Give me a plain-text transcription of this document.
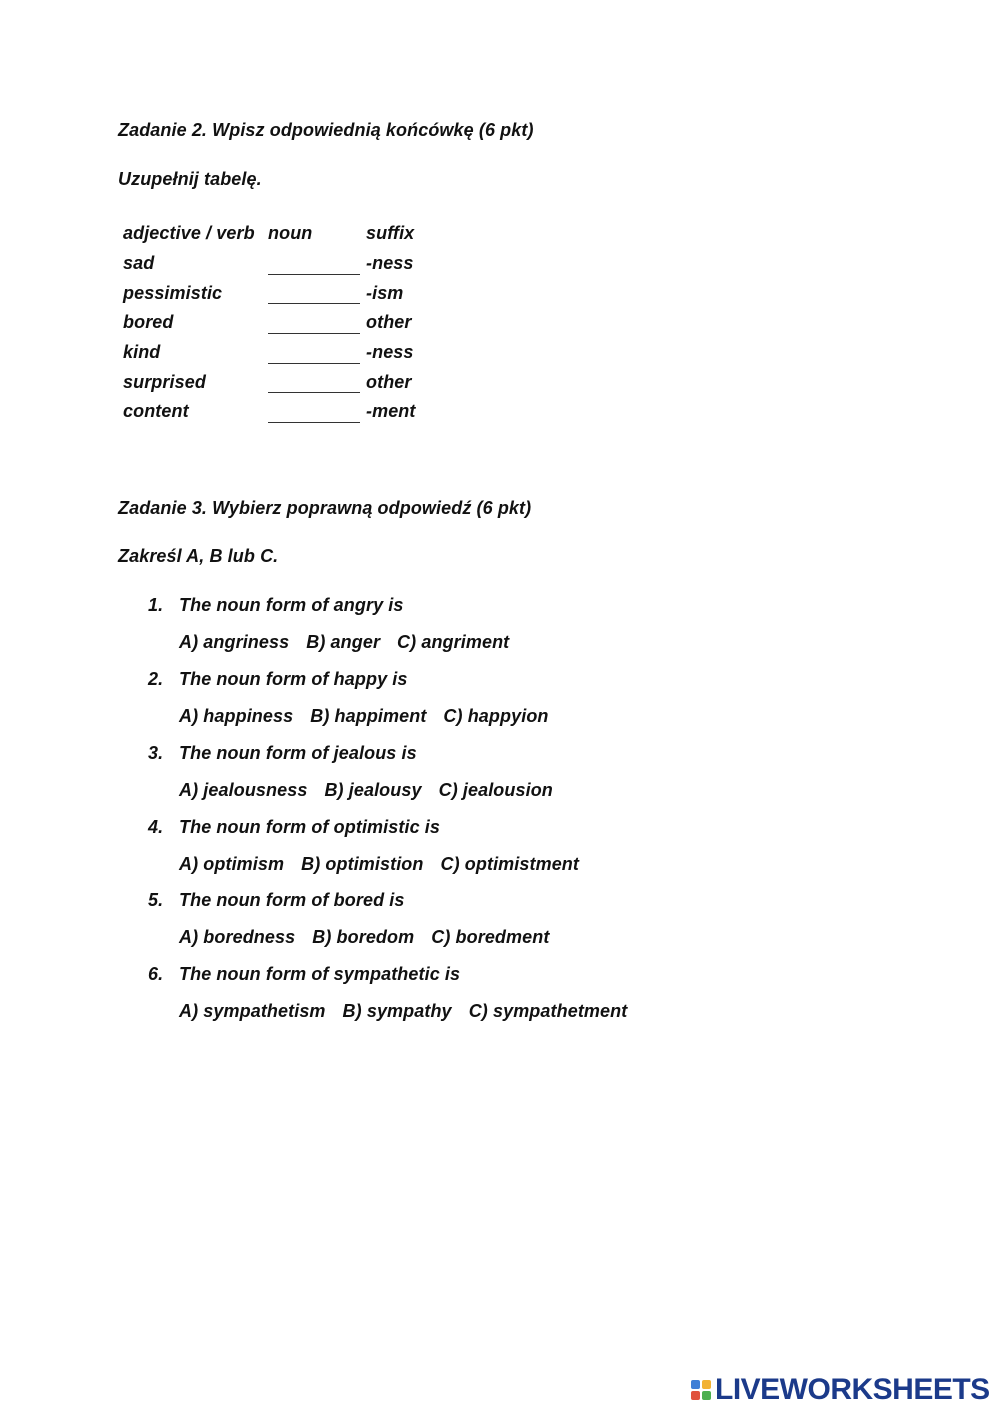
Zadanie 2. Wpisz odpowiednią końcówkę (6 pkt)
Uzupełnij tabelę.
adjective / verb	noun	suffix
sad		-ness
pessimistic		-ism
bored		other
kind		-ness
surprised		other
content		-ment
Zadanie 3. Wybierz poprawną odpowiedź (6 pkt)
Zakreśl A, B lub C.
1. The noun form of angry is
A) angriness B) anger C) angriment
2. The noun form of happy is
A) happiness B) happiment C) happyion
3. The noun form of jealous is
A) jealousness B) jealousy C) jealousion
4. The noun form of optimistic is
A) optimism B) optimistion C) optimistment
5. The noun form of bored is
A) boredness B) boredom C) boredment
6. The noun form of sympathetic is
A) sympathetism B) sympathy C) sympathetment
LIVEWORKSHEETS
